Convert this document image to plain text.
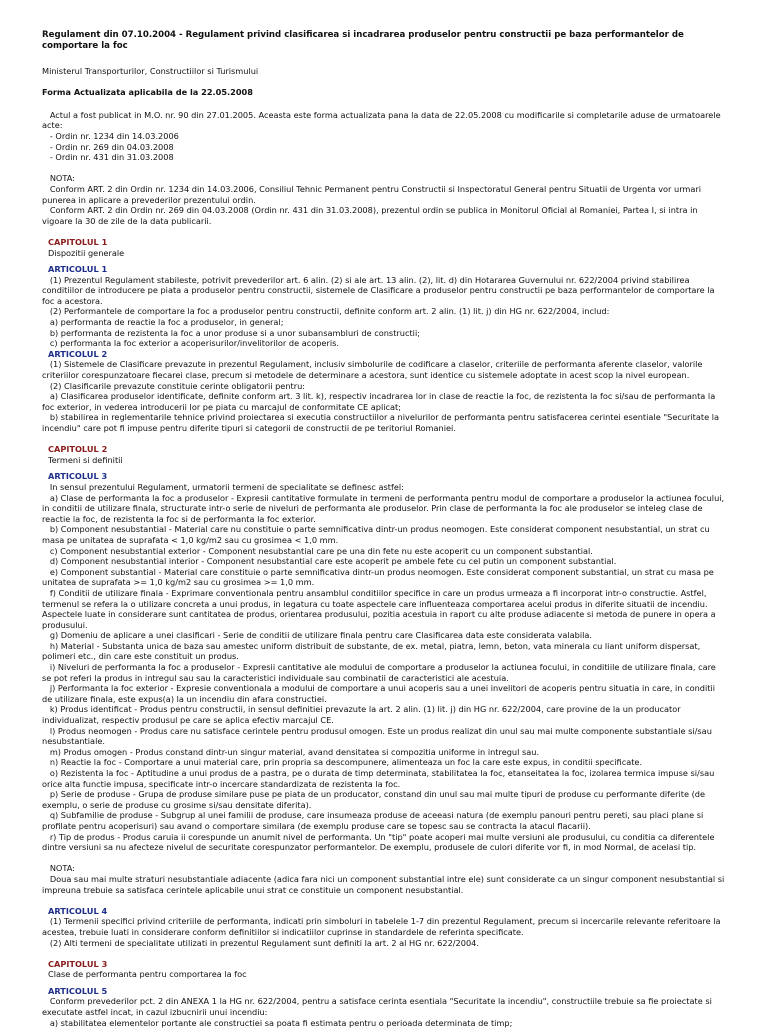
Regulament din 07.10.2004 - Regulament privind clasificarea si incadrarea produselor pentru constructii pe baza performantelor de comportare la foc

Ministerul Transporturilor, Constructiilor si Turismului

Forma Actualizata aplicabila de la 22.05.2008

Actul a fost publicat in M.O. nr. 90 din 27.01.2005. Aceasta este forma actualizata pana la data de 22.05.2008 cu modificarile si completarile aduse de urmatoarele acte:

- Ordin nr. 1234 din 14.03.2006

- Ordin nr. 269 din 04.03.2008

- Ordin nr. 431 din 31.03.2008

NOTA:

Conform ART. 2 din Ordin nr. 1234 din 14.03.2006, Consiliul Tehnic Permanent pentru Constructii si Inspectoratul General pentru Situatii de Urgenta vor urmari punerea in aplicare a prevederilor prezentului ordin.

Conform ART. 2 din Ordin nr. 269 din 04.03.2008 (Ordin nr. 431 din 31.03.2008), prezentul ordin se publica in Monitorul Oficial al Romaniei, Partea I, si intra in vigoare la 30 de zile de la data publicarii.

CAPITOLUL 1

Dispozitii generale

ARTICOLUL 1

(1) Prezentul Regulament stabileste, potrivit prevederilor art. 6 alin. (2) si ale art. 13 alin. (2), lit. d) din Hotararea Guvernului nr. 622/2004 privind stabilirea conditiilor de introducere pe piata a produselor pentru constructii, sistemele de Clasificare a produselor pentru constructii pe baza performantelor de comportare la foc a acestora.

(2) Performantele de comportare la foc a produselor pentru constructii, definite conform art. 2 alin. (1) lit. j) din HG nr. 622/2004, includ:

a) performanta de reactie la foc a produselor, in general;

b) performanta de rezistenta la foc a unor produse si a unor subansambluri de constructii;

c) performanta la foc exterior a acoperisurilor/invelitorilor de acoperis.

ARTICOLUL 2

(1) Sistemele de Clasificare prevazute in prezentul Regulament, inclusiv simbolurile de codificare a claselor, criteriile de performanta aferente claselor, valorile criteriilor corespunzatoare fiecarei clase, precum si metodele de determinare a acestora, sunt identice cu sistemele adoptate in acest scop la nivel european.

(2) Clasificarile prevazute constituie cerinte obligatorii pentru:

a) Clasificarea produselor identificate, definite conform art. 3 lit. k), respectiv incadrarea lor in clase de reactie la foc, de rezistenta la foc si/sau de performanta la foc exterior, in vederea introducerii lor pe piata cu marcajul de conformitate CE aplicat;

b) stabilirea in reglementarile tehnice privind proiectarea si executia constructiilor a nivelurilor de performanta pentru satisfacerea cerintei esentiale "Securitate la incendiu" care pot fi impuse pentru diferite tipuri si categorii de constructii de pe teritoriul Romaniei.

CAPITOLUL 2

Termeni si definitii

ARTICOLUL 3

In sensul prezentului Regulament, urmatorii termeni de specialitate se definesc astfel:

a) Clase de performanta la foc a produselor - Expresii cantitative formulate in termeni de performanta pentru modul de comportare a produselor la actiunea focului, in conditii de utilizare finala, structurate intr-o serie de niveluri de performanta ale produselor. Prin clase de performanta la foc ale produselor se inteleg clase de reactie la foc, de rezistenta la foc si de performanta la foc exterior.

b) Component nesubstantial - Material care nu constituie o parte semnificativa dintr-un produs neomogen. Este considerat component nesubstantial, un strat cu masa pe unitatea de suprafata < 1,0 kg/m2 sau cu grosimea < 1,0 mm.

c) Component nesubstantial exterior - Component nesubstantial care pe una din fete nu este acoperit cu un component substantial.

d) Component nesubstantial interior - Component nesubstantial care este acoperit pe ambele fete cu cel putin un component substantial.

e) Component substantial - Material care constituie o parte semnificativa dintr-un produs neomogen. Este considerat component substantial, un strat cu masa pe unitatea de suprafata >= 1,0 kg/m2 sau cu grosimea >= 1,0 mm.

f) Conditii de utilizare finala - Exprimare conventionala pentru ansamblul conditiilor specifice in care un produs urmeaza a fi incorporat intr-o constructie. Astfel, termenul se refera la o utilizare concreta a unui produs, in legatura cu toate aspectele care influenteaza comportarea acelui produs in diferite situatii de incendiu. Aspectele luate in considerare sunt cantitatea de produs, orientarea produsului, pozitia acestuia in raport cu alte produse adiacente si metoda de punere in opera a produsului.

g) Domeniu de aplicare a unei clasificari - Serie de conditii de utilizare finala pentru care Clasificarea data este considerata valabila.

h) Material - Substanta unica de baza sau amestec uniform distribuit de substante, de ex. metal, piatra, lemn, beton, vata minerala cu liant uniform dispersat, polimeri etc., din care este constituit un produs.

i) Niveluri de performanta la foc a produselor - Expresii cantitative ale modului de comportare a produselor la actiunea focului, in conditiile de utilizare finala, care se pot referi la produs in intregul sau sau la caracteristici individuale sau combinatii de caracteristici ale acestuia.

j) Performanta la foc exterior - Expresie conventionala a modului de comportare a unui acoperis sau a unei invelitori de acoperis pentru situatia in care, in conditii de utilizare finala, este expus(a) la un incendiu din afara constructiei.

k) Produs identificat - Produs pentru constructii, in sensul definitiei prevazute la art. 2 alin. (1) lit. j) din HG nr. 622/2004, care provine de la un producator individualizat, respectiv produsul pe care se aplica efectiv marcajul CE.

l) Produs neomogen - Produs care nu satisface cerintele pentru produsul omogen. Este un produs realizat din unul sau mai multe componente substantiale si/sau nesubstantiale.

m) Produs omogen - Produs constand dintr-un singur material, avand densitatea si compozitia uniforme in intregul sau.

n) Reactie la foc - Comportare a unui material care, prin propria sa descompunere, alimenteaza un foc la care este expus, in conditii specificate.

o) Rezistenta la foc - Aptitudine a unui produs de a pastra, pe o durata de timp determinata, stabilitatea la foc, etanseitatea la foc, izolarea termica impuse si/sau orice alta functie impusa, specificate intr-o incercare standardizata de rezistenta la foc.

p) Serie de produse - Grupa de produse similare puse pe piata de un producator, constand din unul sau mai multe tipuri de produse cu performante diferite (de exemplu, o serie de produse cu grosime si/sau densitate diferita).

q) Subfamilie de produse - Subgrup al unei familii de produse, care insumeaza produse de aceeasi natura (de exemplu panouri pentru pereti, sau placi plane si profilate pentru acoperisuri) sau avand o comportare similara (de exemplu produse care se topesc sau se contracta la atacul flacarii).

r) Tip de produs - Produs caruia ii corespunde un anumit nivel de performanta. Un "tip" poate acoperi mai multe versiuni ale produsului, cu conditia ca diferentele dintre versiuni sa nu afecteze nivelul de securitate corespunzator performantelor. De exemplu, produsele de culori diferite vor fi, in mod Normal, de acelasi tip.

NOTA:

Doua sau mai multe straturi nesubstantiale adiacente (adica fara nici un component substantial intre ele) sunt considerate ca un singur component nesubstantial si impreuna trebuie sa satisfaca cerintele aplicabile unui strat ce constituie un component nesubstantial.

ARTICOLUL 4

(1) Termenii specifici privind criteriile de performanta, indicati prin simboluri in tabelele 1-7 din prezentul Regulament, precum si incercarile relevante referitoare la acestea, trebuie luati in considerare conform definitiilor si indicatiilor cuprinse in standardele de referinta specificate.

(2) Alti termeni de specialitate utilizati in prezentul Regulament sunt definiti la art. 2 al HG nr. 622/2004.

CAPITOLUL 3

Clase de performanta pentru comportarea la foc

ARTICOLUL 5

Conform prevederilor pct. 2 din ANEXA 1 la HG nr. 622/2004, pentru a satisface cerinta esentiala "Securitate la incendiu", constructiile trebuie sa fie proiectate si executate astfel incat, in cazul izbucnirii unui incendiu:

a) stabilitatea elementelor portante ale constructiei sa poata fi estimata pentru o perioada determinata de timp;
